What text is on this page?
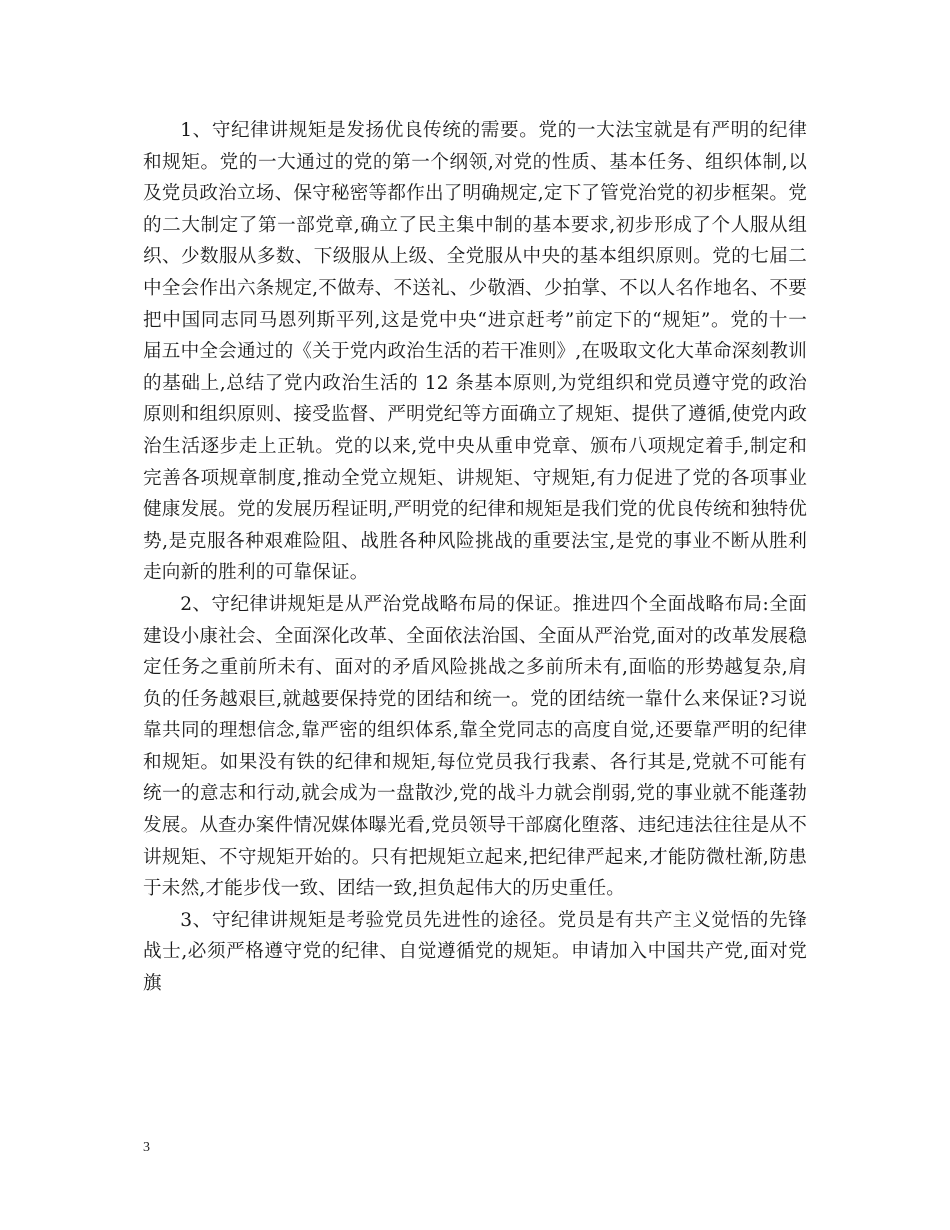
1、守纪律讲规矩是发扬优良传统的需要。党的一大法宝就是有严明的纪律和规矩。党的一大通过的党的第一个纲领,对党的性质、基本任务、组织体制,以及党员政治立场、保守秘密等都作出了明确规定,定下了管党治党的初步框架。党的二大制定了第一部党章,确立了民主集中制的基本要求,初步形成了个人服从组织、少数服从多数、下级服从上级、全党服从中央的基本组织原则。党的七届二中全会作出六条规定,不做寿、不送礼、少敬酒、少拍掌、不以人名作地名、不要把中国同志同马恩列斯平列,这是党中央“进京赶考”前定下的“规矩”。党的十一届五中全会通过的《关于党内政治生活的若干准则》,在吸取文化大革命深刻教训的基础上,总结了党内政治生活的 12 条基本原则,为党组织和党员遵守党的政治原则和组织原则、接受监督、严明党纪等方面确立了规矩、提供了遵循,使党内政治生活逐步走上正轨。党的以来,党中央从重申党章、颁布八项规定着手,制定和完善各项规章制度,推动全党立规矩、讲规矩、守规矩,有力促进了党的各项事业健康发展。党的发展历程证明,严明党的纪律和规矩是我们党的优良传统和独特优势,是克服各种艰难险阻、战胜各种风险挑战的重要法宝,是党的事业不断从胜利走向新的胜利的可靠保证。

2、守纪律讲规矩是从严治党战略布局的保证。推进四个全面战略布局:全面建设小康社会、全面深化改革、全面依法治国、全面从严治党,面对的改革发展稳定任务之重前所未有、面对的矛盾风险挑战之多前所未有,面临的形势越复杂,肩负的任务越艰巨,就越要保持党的团结和统一。党的团结统一靠什么来保证?习说靠共同的理想信念,靠严密的组织体系,靠全党同志的高度自觉,还要靠严明的纪律和规矩。如果没有铁的纪律和规矩,每位党员我行我素、各行其是,党就不可能有统一的意志和行动,就会成为一盘散沙,党的战斗力就会削弱,党的事业就不能蓬勃发展。从查办案件情况媒体曝光看,党员领导干部腐化堕落、违纪违法往往是从不讲规矩、不守规矩开始的。只有把规矩立起来,把纪律严起来,才能防微杜渐,防患于未然,才能步伐一致、团结一致,担负起伟大的历史重任。

3、守纪律讲规矩是考验党员先进性的途径。党员是有共产主义觉悟的先锋战士,必须严格遵守党的纪律、自觉遵循党的规矩。申请加入中国共产党,面对党旗

3
